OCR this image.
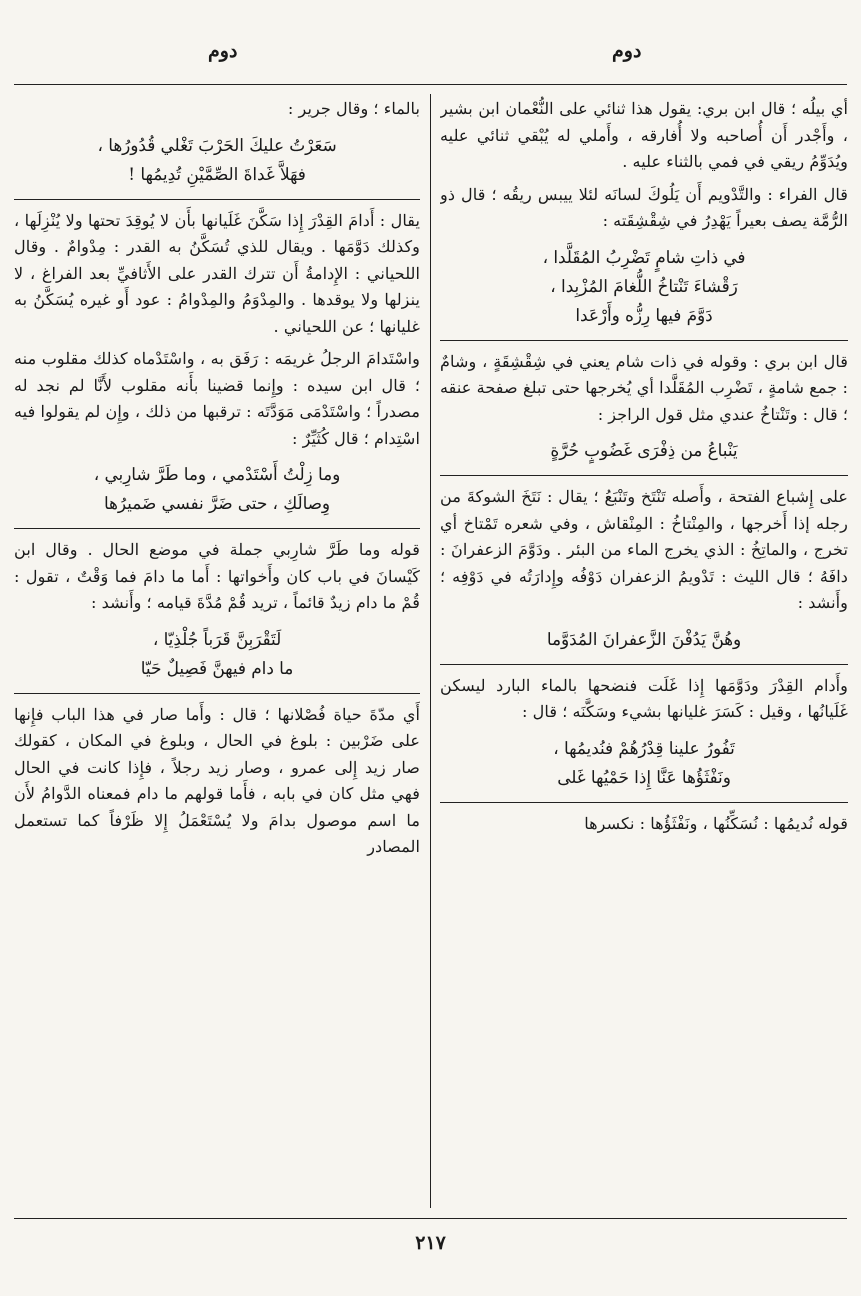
دوم	دوم

أي بيلُه ؛ قال ابن بري: يقول هذا ثنائي على النُّعْمان ابن بشير ، وأَجْدر أَن أُصاحبه ولا أُفارقه ، وأَملي له يُبْقي ثنائي عليه ويُدَوِّمُ ريقي في فمي بالثناء عليه .

قال الفراء : والتَّدْويم أَن يَلُوكَ لسانَه لئلا ييبس ريقُه ؛ قال ذو الرُّمَّة يصف بعيراً يَهْدِرُ في شِقْشِقَته :

في ذاتِ شامٍ تَضْرِبُ المُقَلَّدا ،
رَقْشاءَ تَنْتاخُ اللُّغامَ المُزْبِدا ،
دَوَّمَ فيها رِزُّه وأَرْعَدا

قال ابن بري : وقوله في ذات شام يعني في شِقْشِقَةٍ ، وشامٌ : جمع شامةٍ ، تَضْرِب المُقَلَّدا أي يُخرجها حتى تبلغ صفحة عنقه ؛ قال : وتَنْتاخُ عندي مثل قول الراجز :

يَنْباعُ من ذِفْرَى غَضُوبٍ حُرَّةٍ

على إِشباع الفتحة ، وأَصله تَنْتَخ وتَنْبَعُ ؛ يقال : نَتَخَ الشوكةَ من رجله إذا أَخرجها ، والمِنْتاخُ : المِنْقاش ، وفي شعره تَمْتاخ أي تخرج ، والماتِخُ : الذي يخرج الماء من البئر . ودَوَّمَ الزعفرانَ : دافَهُ ؛ قال الليث : تَدْويمُ الزعفران دَوْفُه وإِدارَتُه في دَوْفِه ؛ وأَنشد :

وهُنَّ يَدُفْنَ الزَّعفرانَ المُدَوَّما

وأَدام القِدْرَ ودَوَّمَها إِذا غَلَت فنضحها بالماء البارد ليسكن غَلَيانُها ، وقيل : كَسَرَ غليانها بشيء وسَكَّنَه ؛ قال :

تَفُورُ علينا قِدْرُهُمْ فنُديمُها ،
ونَفْثَؤُها عَنَّا إِذا حَمْيُها غَلى

قوله نُديمُها : نُسَكِّنُها ، ونَفْثَؤُها : نكسرها

بالماء ؛ وقال جرير :

سَعَرْتُ عليكَ الحَرْبَ تَغْلي قُدُورُها ،
فهَلاَّ غَداةَ الصِّمَّيْنِ تُدِيمُها !

يقال : أَدامَ القِدْرَ إِذا سَكَّنَ غَلَيانها بأَن لا يُوقِدَ تحتها ولا يُنْزِلَها ، وكذلك دَوَّمَها . ويقال للذي تُسَكَّنُ به القدر : مِدْوامٌ . وقال اللحياني : الإِدامةُ أَن تترك القدر على الأَثافيِّ بعد الفراغ ، لا ينزلها ولا يوقدها . والمِدْوَمُ والمِدْوامُ : عود أَو غيره يُسَكَّنُ به غليانها ؛ عن اللحياني .

واسْتَدامَ الرجلُ غريمَه : رَفَق به ، واسْتَدْماه كذلك مقلوب منه ؛ قال ابن سيده : وإِنما قضينا بأَنه مقلوب لأَنَّا لم نجد له مصدراً ؛ واسْتَدْمَى مَوَدَّتَه : ترقبها من ذلك ، وإِن لم يقولوا فيه اسْتِدام ؛ قال كُثَيِّرٌ :

وما زِلْتُ أَسْتَدْمي ، وما طَرَّ شارِبي ،
وِصالَكِ ، حتى ضَرَّ نفسي ضَميرُها

قوله وما طَرَّ شارِبي جملة في موضع الحال . وقال ابن كَيْسانَ في باب كان وأَخواتها : أَما ما دامَ فما وَقْتٌ ، تقول : قُمْ ما دام زيدٌ قائماً ، تريد قُمْ مُدَّةَ قيامه ؛ وأَنشد :

لَتَقْرَبِنَّ قَرَباً جُلْذِيّا ،
ما دام فيهنَّ فَصِيلٌ حَيّا

أَي مدّةَ حياة فُصْلانها ؛ قال : وأَما صار في هذا الباب فإِنها على ضَرْبين : بلوغ في الحال ، وبلوغ في المكان ، كقولك صار زيد إِلى عمرو ، وصار زيد رجلاً ، فإِذا كانت في الحال فهي مثل كان في بابه ، فأَما قولهم ما دام فمعناه الدَّوامُ لأَن ما اسم موصول بدامَ ولا يُسْتَعْمَلُ إِلا ظَرْفاً كما تستعمل المصادر

٢١٧
